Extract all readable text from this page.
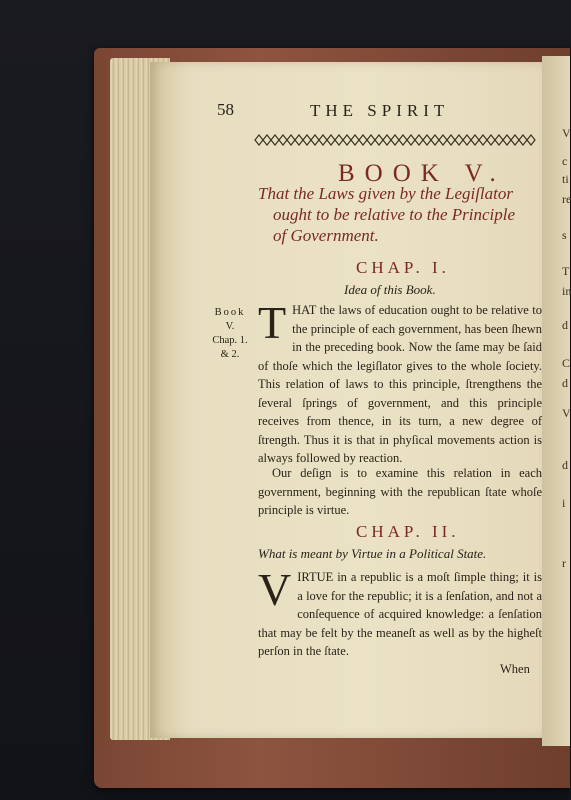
V
c
ti
re
s
T
in
d
C
d
V
d
i
r
58	THE SPIRIT
BOOK V.
That the Laws given by the Legiſlator
ought to be relative to the Principle
of Government.
CHAP. I.
Idea of this Book.
Book
V.
Chap. 1.
& 2.
THAT the laws of education ought to be relative to the principle of each government, has been ſhewn in the preceding book. Now the ſame may be ſaid of thoſe which the legiſlator gives to the whole ſociety. This relation of laws to this principle, ſtrengthens the ſeveral ſprings of government, and this principle receives from thence, in its turn, a new degree of ſtrength. Thus it is that in phyſical movements action is always followed by reaction.
Our deſign is to examine this relation in each government, beginning with the republican ſtate whoſe principle is virtue.
CHAP. II.
What is meant by Virtue in a Political State.
VIRTUE in a republic is a moſt ſimple thing; it is a love for the republic; it is a ſenſation, and not a conſequence of acquired knowledge: a ſenſation that may be felt by the meaneſt as well as by the higheſt perſon in the ſtate.
When
